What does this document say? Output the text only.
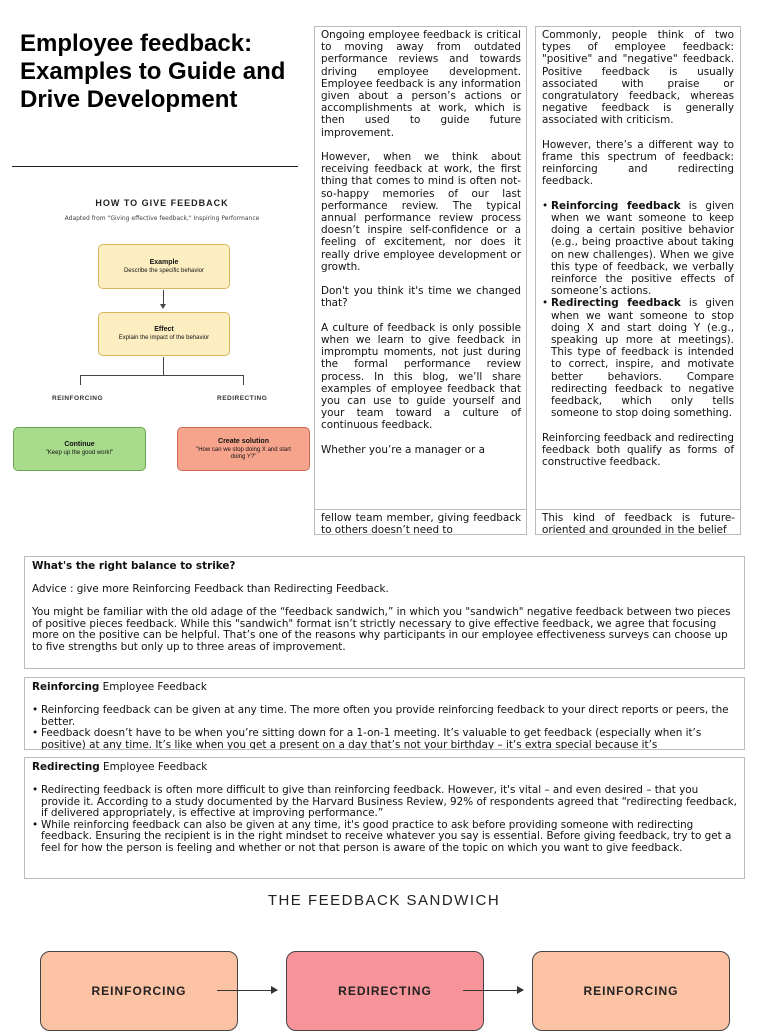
Employee feedback: Examples to Guide and Drive Development
HOW TO GIVE FEEDBACK
Adapted from "Giving effective feedback," Inspiring Performance
Example
Describe the specific behavior
Effect
Explain the impact of the behavior
REINFORCING	REDIRECTING
Continue
"Keep up the good work!"
Create solution
"How can we stop doing X and start doing Y?"

Ongoing employee feedback is critical to moving away from outdated performance reviews and towards driving employee development. Employee feedback is any information given about a person’s actions or accomplishments at work, which is then used to guide future improvement.

However, when we think about receiving feedback at work, the first thing that comes to mind is often not-so-happy memories of our last performance review. The typical annual performance review process doesn’t inspire self-confidence or a feeling of excitement, nor does it really drive employee development or growth.

Don't you think it's time we changed that?

A culture of feedback is only possible when we learn to give feedback in impromptu moments, not just during the formal performance review process. In this blog, we’ll share examples of employee feedback that you can use to guide yourself and your team toward a culture of continuous feedback.

Whether you’re a manager or a

fellow team member, giving feedback to others doesn’t need to

Commonly, people think of two types of employee feedback: "positive" and "negative" feedback. Positive feedback is usually associated with praise or congratulatory feedback, whereas negative feedback is generally associated with criticism.

However, there’s a different way to frame this spectrum of feedback: reinforcing and redirecting feedback.

• Reinforcing feedback is given when we want someone to keep doing a certain positive behavior (e.g., being proactive about taking on new challenges). When we give this type of feedback, we verbally reinforce the positive effects of someone’s actions.
• Redirecting feedback is given when we want someone to stop doing X and start doing Y (e.g., speaking up more at meetings). This type of feedback is intended to correct, inspire, and motivate better behaviors. Compare redirecting feedback to negative feedback, which only tells someone to stop doing something.

Reinforcing feedback and redirecting feedback both qualify as forms of constructive feedback.

This kind of feedback is future-oriented and grounded in the belief

What's the right balance to strike?

Advice : give more Reinforcing Feedback than Redirecting Feedback.

You might be familiar with the old adage of the “feedback sandwich,” in which you "sandwich" negative feedback between two pieces of positive pieces feedback. While this "sandwich" format isn’t strictly necessary to give effective feedback, we agree that focusing more on the positive can be helpful. That’s one of the reasons why participants in our employee effectiveness surveys can choose up to five strengths but only up to three areas of improvement.

Reinforcing Employee Feedback

• Reinforcing feedback can be given at any time. The more often you provide reinforcing feedback to your direct reports or peers, the better.
• Feedback doesn’t have to be when you’re sitting down for a 1-on-1 meeting. It’s valuable to get feedback (especially when it’s positive) at any time. It’s like when you get a present on a day that’s not your birthday – it’s extra special because it’s

Redirecting Employee Feedback

• Redirecting feedback is often more difficult to give than reinforcing feedback. However, it's vital – and even desired – that you provide it. According to a study documented by the Harvard Business Review, 92% of respondents agreed that “redirecting feedback, if delivered appropriately, is effective at improving performance.”
• While reinforcing feedback can also be given at any time, it's good practice to ask before providing someone with redirecting feedback. Ensuring the recipient is in the right mindset to receive whatever you say is essential. Before giving feedback, try to get a feel for how the person is feeling and whether or not that person is aware of the topic on which you want to give feedback.
THE FEEDBACK SANDWICH
REINFORCING	REDIRECTING	REINFORCING
